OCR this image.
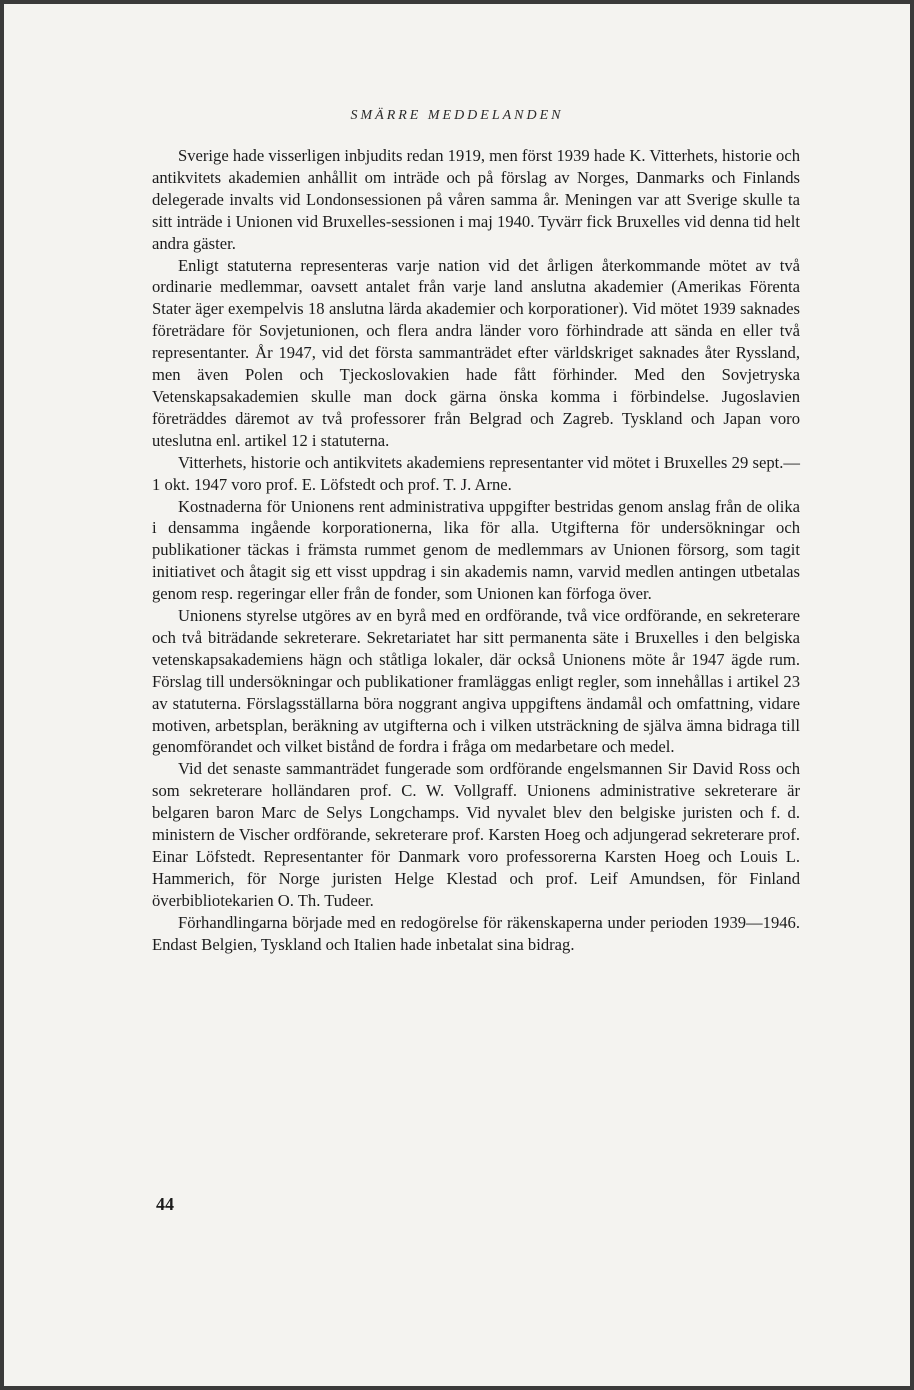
SMÄRRE MEDDELANDEN

Sverige hade visserligen inbjudits redan 1919, men först 1939 hade K. Vitterhets, historie och antikvitets akademien anhållit om inträde och på förslag av Norges, Danmarks och Finlands delegerade invalts vid Londonsessionen på våren samma år. Meningen var att Sverige skulle ta sitt inträde i Unionen vid Bruxelles-sessionen i maj 1940. Tyvärr fick Bruxelles vid denna tid helt andra gäster.

Enligt statuterna representeras varje nation vid det årligen återkommande mötet av två ordinarie medlemmar, oavsett antalet från varje land anslutna akademier (Amerikas Förenta Stater äger exempelvis 18 anslutna lärda akademier och korporationer). Vid mötet 1939 saknades företrädare för Sovjetunionen, och flera andra länder voro förhindrade att sända en eller två representanter. År 1947, vid det första sammanträdet efter världskriget saknades åter Ryssland, men även Polen och Tjeckoslovakien hade fått förhinder. Med den Sovjetryska Vetenskapsakademien skulle man dock gärna önska komma i förbindelse. Jugoslavien företräddes däremot av två professorer från Belgrad och Zagreb. Tyskland och Japan voro uteslutna enl. artikel 12 i statuterna.

Vitterhets, historie och antikvitets akademiens representanter vid mötet i Bruxelles 29 sept.—1 okt. 1947 voro prof. E. Löfstedt och prof. T. J. Arne.

Kostnaderna för Unionens rent administrativa uppgifter bestridas genom anslag från de olika i densamma ingående korporationerna, lika för alla. Utgifterna för undersökningar och publikationer täckas i främsta rummet genom de medlemmars av Unionen försorg, som tagit initiativet och åtagit sig ett visst uppdrag i sin akademis namn, varvid medlen antingen utbetalas genom resp. regeringar eller från de fonder, som Unionen kan förfoga över.

Unionens styrelse utgöres av en byrå med en ordförande, två vice ordförande, en sekreterare och två biträdande sekreterare. Sekretariatet har sitt permanenta säte i Bruxelles i den belgiska vetenskapsakademiens hägn och ståtliga lokaler, där också Unionens möte år 1947 ägde rum. Förslag till undersökningar och publikationer framläggas enligt regler, som innehållas i artikel 23 av statuterna. Förslagsställarna böra noggrant angiva uppgiftens ändamål och omfattning, vidare motiven, arbetsplan, beräkning av utgifterna och i vilken utsträckning de själva ämna bidraga till genomförandet och vilket bistånd de fordra i fråga om medarbetare och medel.

Vid det senaste sammanträdet fungerade som ordförande engelsmannen Sir David Ross och som sekreterare holländaren prof. C. W. Vollgraff. Unionens administrative sekreterare är belgaren baron Marc de Selys Longchamps. Vid nyvalet blev den belgiske juristen och f. d. ministern de Vischer ordförande, sekreterare prof. Karsten Hoeg och adjungerad sekreterare prof. Einar Löfstedt. Representanter för Danmark voro professorerna Karsten Hoeg och Louis L. Hammerich, för Norge juristen Helge Klestad och prof. Leif Amundsen, för Finland överbibliotekarien O. Th. Tudeer.

Förhandlingarna började med en redogörelse för räkenskaperna under perioden 1939—1946. Endast Belgien, Tyskland och Italien hade inbetalat sina bidrag.

44
